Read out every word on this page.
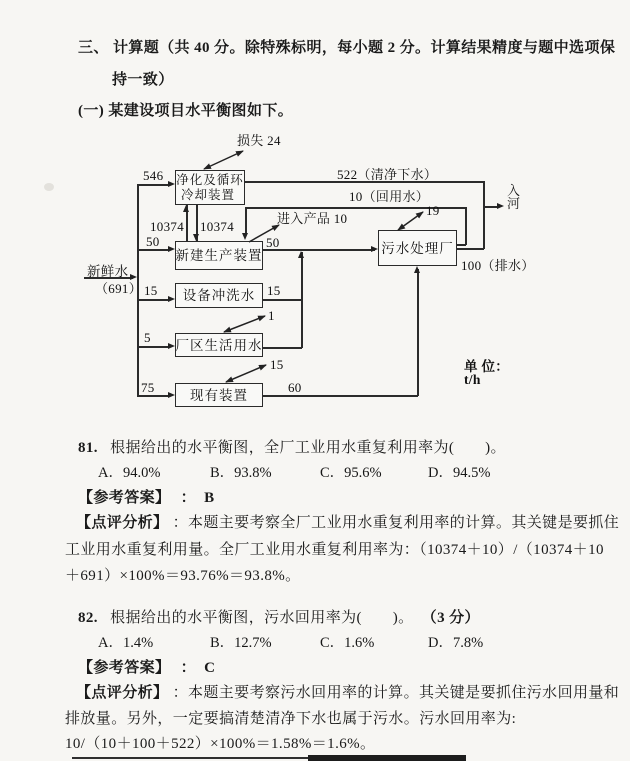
三、 计算题（共 40 分。除特殊标明，每小题 2 分。计算结果精度与题中选项保
持一致）
(一) 某建设项目水平衡图如下。
新鲜水
（691）
546
50
15
5
75
净化及循环
冷却装置
新建生产装置
设备冲洗水
厂区生活用水
现有装置
污水处理厂
损失 24
10374 10374
522（清净下水）
10（回用水）
进入产品 10
50
15
1
15
60
19
100（排水）
入
河
单 位：
t/h
81. 根据给出的水平衡图，全厂工业用水重复利用率为(　　)。
A．94.0%	B．93.8%	C．95.6%	D．94.5%
【参考答案】 ： B
【点评分析】 ：本题主要考察全厂工业用水重复利用率的计算。其关键是要抓住
工业用水重复利用量。全厂工业用水重复利用率为：（10374＋10）/（10374＋10
＋691）×100%＝93.76%＝93.8%。
82. 根据给出的水平衡图，污水回用率为(　　)。 （3 分）
A．1.4%	B．12.7%	C．1.6%	D．7.8%
【参考答案】 ： C
【点评分析】 ：本题主要考察污水回用率的计算。其关键是要抓住污水回用量和
排放量。另外，一定要搞清楚清净下水也属于污水。污水回用率为:
10/（10＋100＋522）×100%＝1.58%＝1.6%。
